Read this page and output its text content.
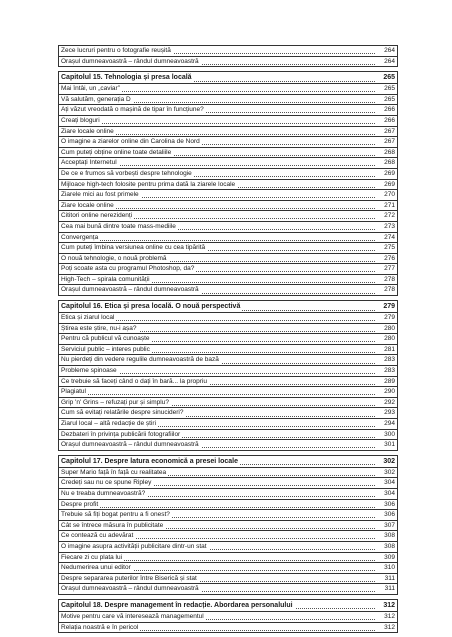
Zece lucruri pentru o fotografie reușită	264
Orașul dumneavoastră – rândul dumneavoastră	264
Capitolul 15. Tehnologia și presa locală	265
Mai întâi, un „caviar”	265
Vă salutăm, generația D	265
Ați văzut vreodată o mașină de tipar în funcțiune?	266
Creați bloguri	266
Ziare locale online	267
O imagine a ziarelor online din Carolina de Nord	267
Cum puteți obține online toate detaliile	268
Acceptați Internetul	268
De ce e frumos să vorbești despre tehnologie	269
Mijloace high-tech folosite pentru prima dată la ziarele locale	269
Ziarele mici au fost primele	270
Ziare locale online	271
Cititori online nerezidenți	272
Cea mai bună dintre toate mass-mediile	273
Convergența	274
Cum puteți îmbina versiunea online cu cea tipărită	275
O nouă tehnologie, o nouă problemă	276
Poți scoate asta cu programul Photoshop, da?	277
High-Tech – spirala comunității	278
Orașul dumneavoastră – rândul dumneavoastră	278
Capitolul 16. Etica și presa locală. O nouă perspectivă	279
Etica și ziarul local	279
Știrea este știre, nu-i așa?	280
Pentru că publicul vă cunoaște	280
Serviciul public – interes public	281
Nu pierdeți din vedere regulile dumneavoastră de bază	283
Probleme spinoase	283
Ce trebuie să faceți când o dați în bară... la propriu	289
Plagiatul	290
Grip 'n' Grins – refuzați pur și simplu?	292
Cum să evitați relatările despre sinucideri?	293
Ziarul local – altă redacție de știri	294
Dezbateri în privința publicării fotografiilor	300
Orașul dumneavoastră – rândul dumneavoastră	301
Capitolul 17. Despre latura economică a presei locale	302
Super Mario față în față cu realitatea	302
Credeți sau nu ce spune Ripley	304
Nu e treaba dumneavoastră?	304
Despre profit	306
Trebuie să fiți bogat pentru a fi onest?	306
Cât se întrece măsura în publicitate	307
Ce contează cu adevărat	308
O imagine asupra activității publicitare dintr-un stat	308
Fiecare zi cu plata lui	309
Nedumerirea unui editor	310
Despre separarea puterilor între Biserică și stat	311
Orașul dumneavoastră – rândul dumneavoastră	311
Capitolul 18. Despre management în redacție. Abordarea personalului	312
Motive pentru care vă interesează managementul	312
Relația noastră e în pericol	312
